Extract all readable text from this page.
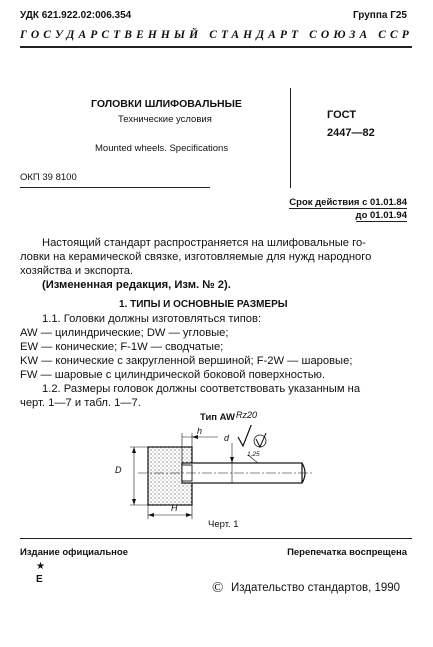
УДК 621.922.02:006.354	Группа Г25
ГОСУДАРСТВЕННЫЙ СТАНДАРТ СОЮЗА ССР
ГОЛОВКИ ШЛИФОВАЛЬНЫЕ
Технические условия
Mounted wheels. Specifications
ОКП 39 8100
ГОСТ
2447—82
Срок действия с 01.01.84
до 01.01.94
Настоящий стандарт распространяется на шлифовальные го-
ловки на керамической связке, изготовляемые для нужд народного
хозяйства и экспорта.
(Измененная редакция, Изм. № 2).
1. ТИПЫ И ОСНОВНЫЕ РАЗМЕРЫ
1.1. Головки должны изготовляться типов:
AW — цилиндрические; DW — угловые;
EW — конические; F-1W — сводчатые;
KW — конические с закругленной вершиной; F-2W — шаровые;
FW — шаровые с цилиндрической боковой поверхностью.
1.2. Размеры головок должны соответствовать указанным на
черт. 1—7 и табл. 1—7.
Тип AW Rz20
1,25
h
d
D
H
Черт. 1
Издание официальное	Перепечатка воспрещена
★
Е
© Издательство стандартов, 1990
